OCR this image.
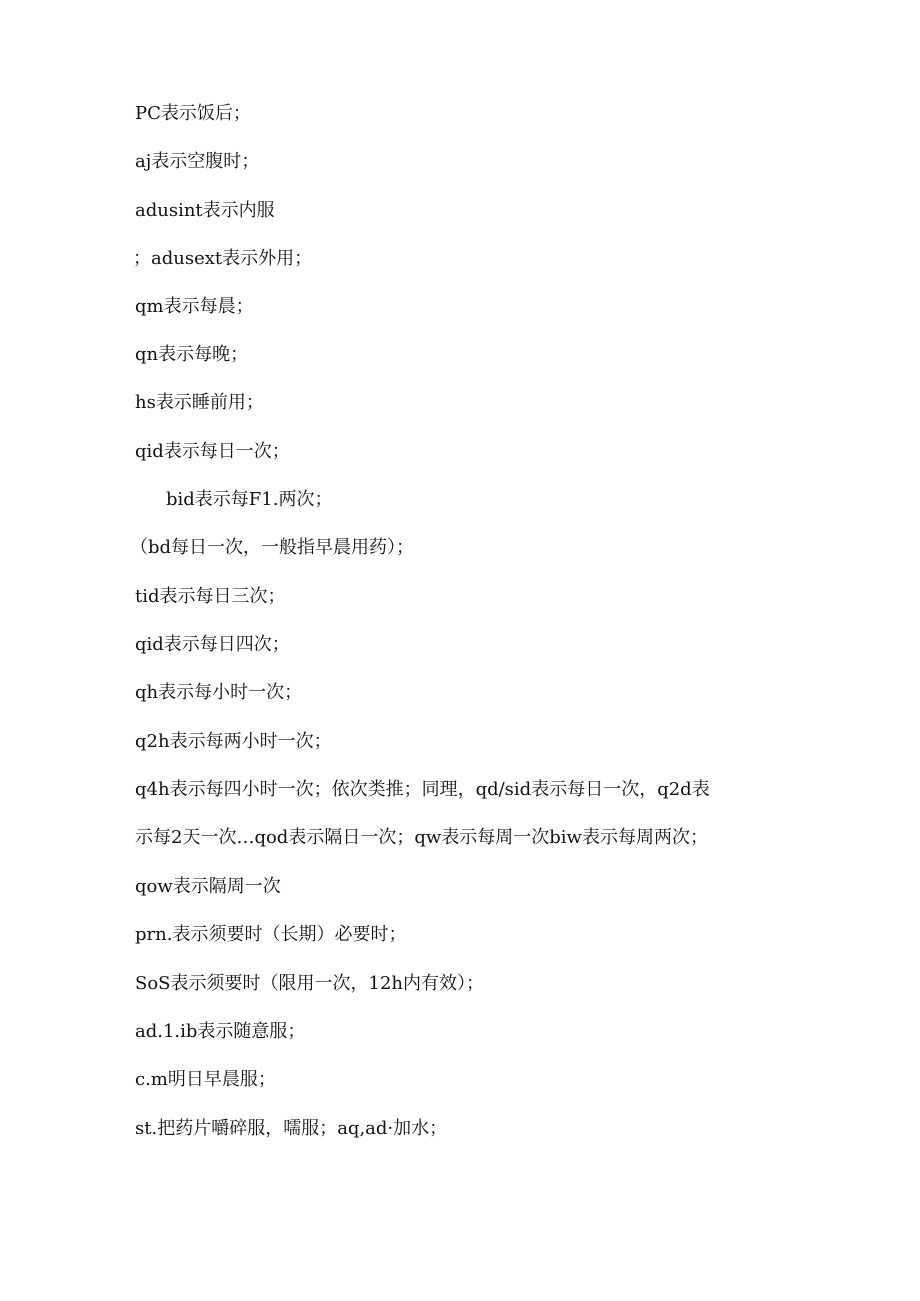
PC表示饭后；
aj表示空腹时；
adusint表示内服
；adusext表示外用；
qm表示每晨；
qn表示每晚；
hs表示睡前用；
qid表示每日一次；
bid表示每F1.两次；
（bd每日一次，一般指早晨用药）；
tid表示每日三次；
qid表示每日四次；
qh表示每小时一次；
q2h表示每两小时一次；
q4h表示每四小时一次；依次类推；同理，qd/sid表示每日一次，q2d表
示每2天一次…qod表示隔日一次；qw表示每周一次biw表示每周两次；
qow表示隔周一次
prn.表示须要时（长期）必要时；
SoS表示须要时（限用一次，12h内有效）；
ad.1.ib表示随意服；
c.m明日早晨服；
st.把药片嚼碎服，嚅服；aq,ad·加水；
